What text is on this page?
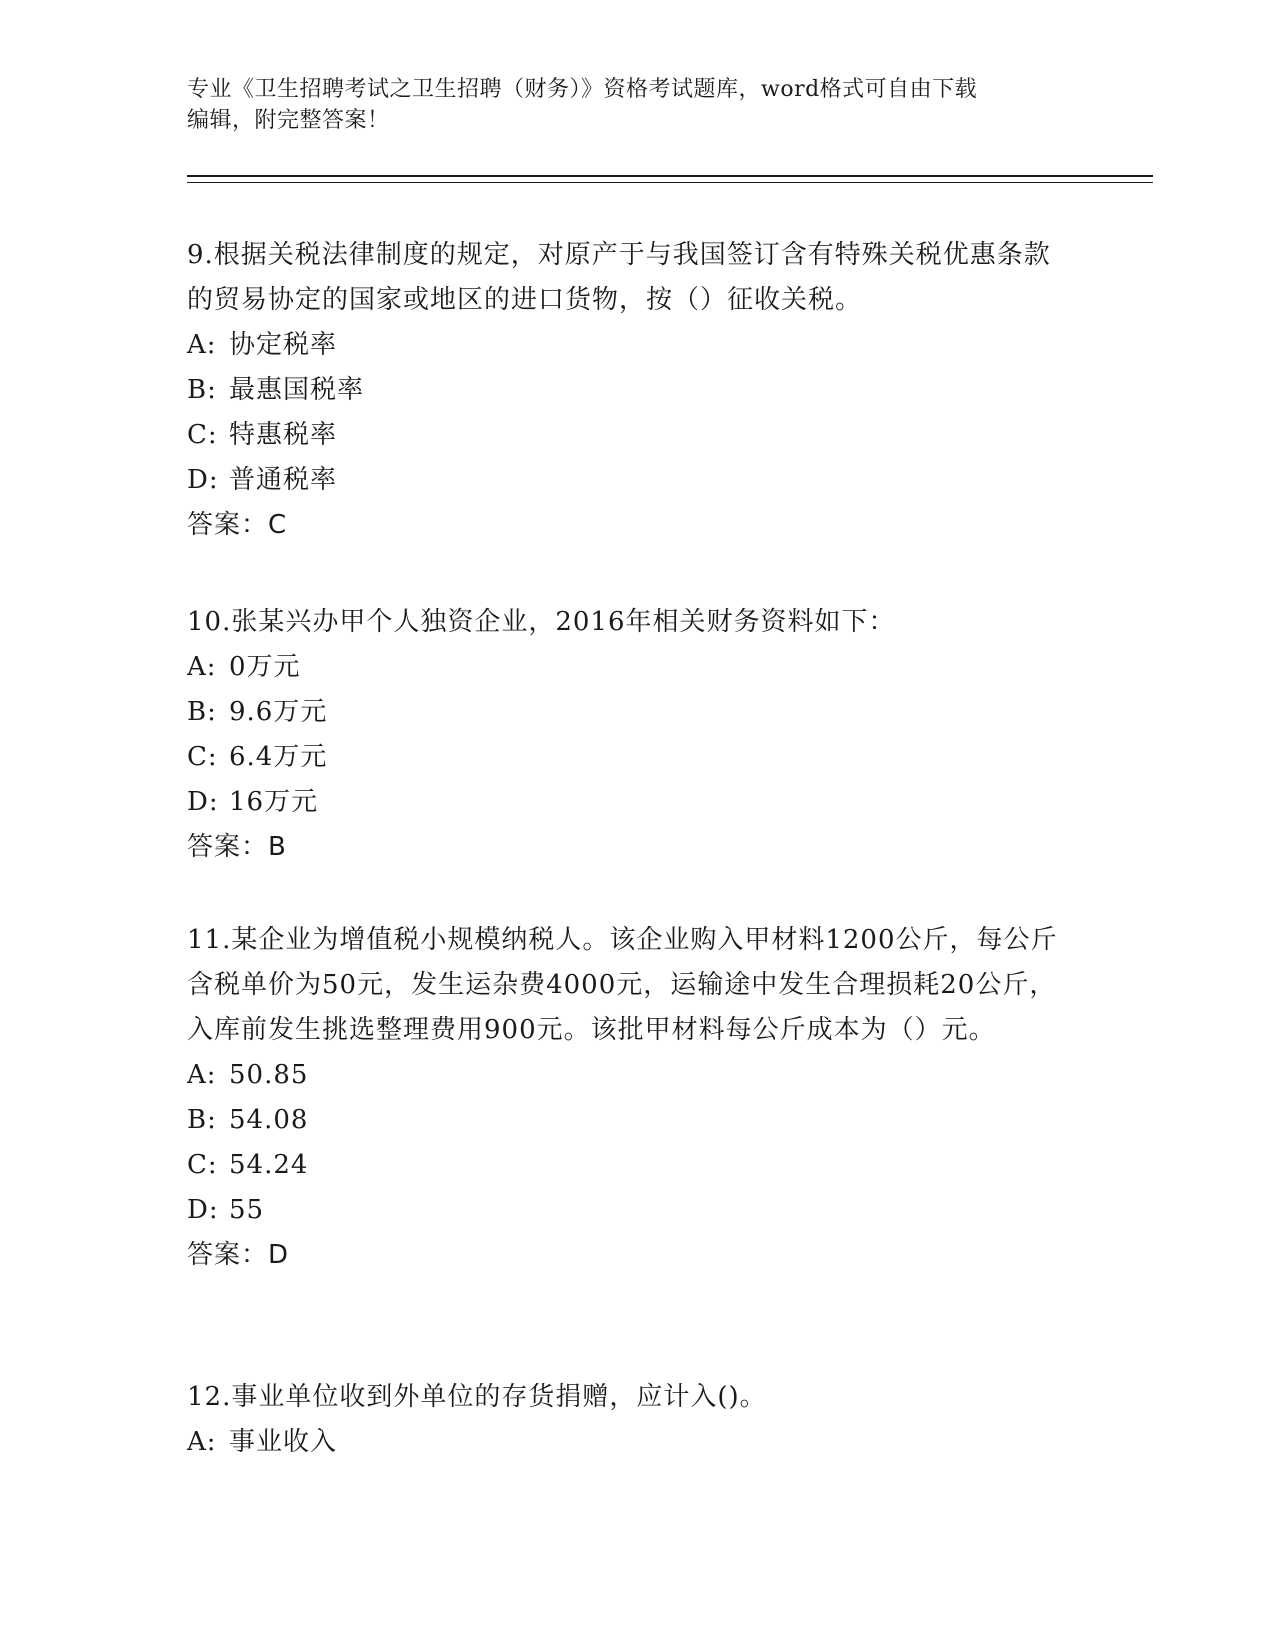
专业《卫生招聘考试之卫生招聘（财务）》资格考试题库，word格式可自由下载
编辑，附完整答案！

9.根据关税法律制度的规定，对原产于与我国签订含有特殊关税优惠条款的贸易协定的国家或地区的进口货物，按（）征收关税。

A: 协定税率

B: 最惠国税率

C: 特惠税率

D: 普通税率

答案：C

10.张某兴办甲个人独资企业，2016年相关财务资料如下：

A: 0万元

B: 9.6万元

C: 6.4万元

D: 16万元

答案：B

11.某企业为增值税小规模纳税人。该企业购入甲材料1200公斤，每公斤含税单价为50元，发生运杂费4000元，运输途中发生合理损耗20公斤，入库前发生挑选整理费用900元。该批甲材料每公斤成本为（）元。

A: 50.85

B: 54.08

C: 54.24

D: 55

答案：D

12.事业单位收到外单位的存货捐赠，应计入()。

A: 事业收入
